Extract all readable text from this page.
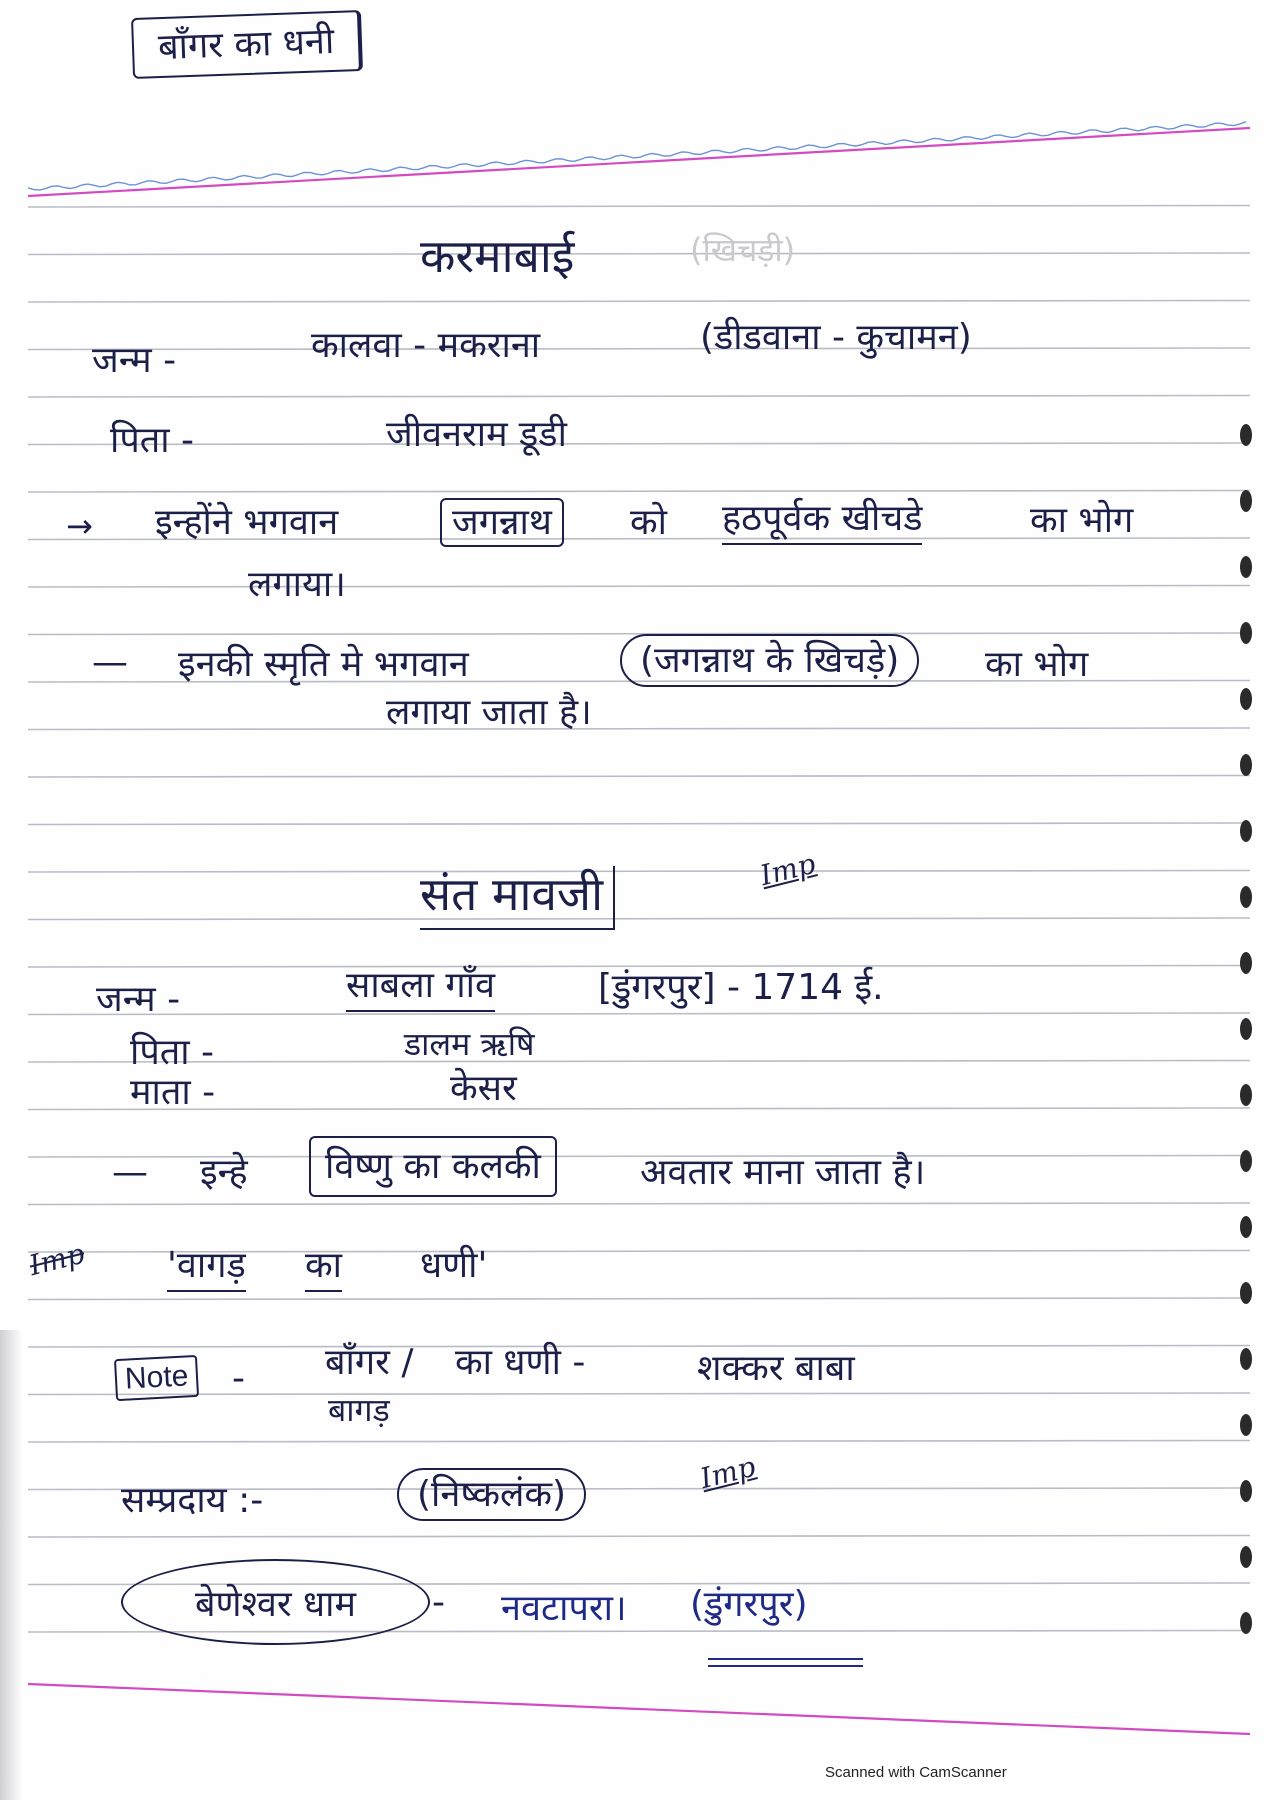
बाँगर का धनी
करमाबाई	(खिचड़ी)
जन्म -	कालवा - मकराना	(डीडवाना - कुचामन)
पिता -	जीवनराम डूडी
→ इन्होंने भगवान	जगन्नाथ	को हठपूर्वक खीचडे	का भोग
लगाया।
— इनकी स्मृति मे भगवान	(जगन्नाथ के खिचड़े)	का भोग
लगाया जाता है।
संत मावजी	Imp
जन्म -	साबला गाँव	[डुंगरपुर] - 1714 ई.
पिता -	डालम ऋषि
माता -	केसर
— इन्हे	विष्णु का कलकी	अवतार माना जाता है।
Imp 'वागड़ का धणी'
Note - बाँगर /
बागड़
का धणी -	शक्कर बाबा
सम्प्रदाय :-	(निष्कलंक)	Imp
बेणेश्वर धाम - नवटापरा। (डुंगरपुर)
Scanned with CamScanner
